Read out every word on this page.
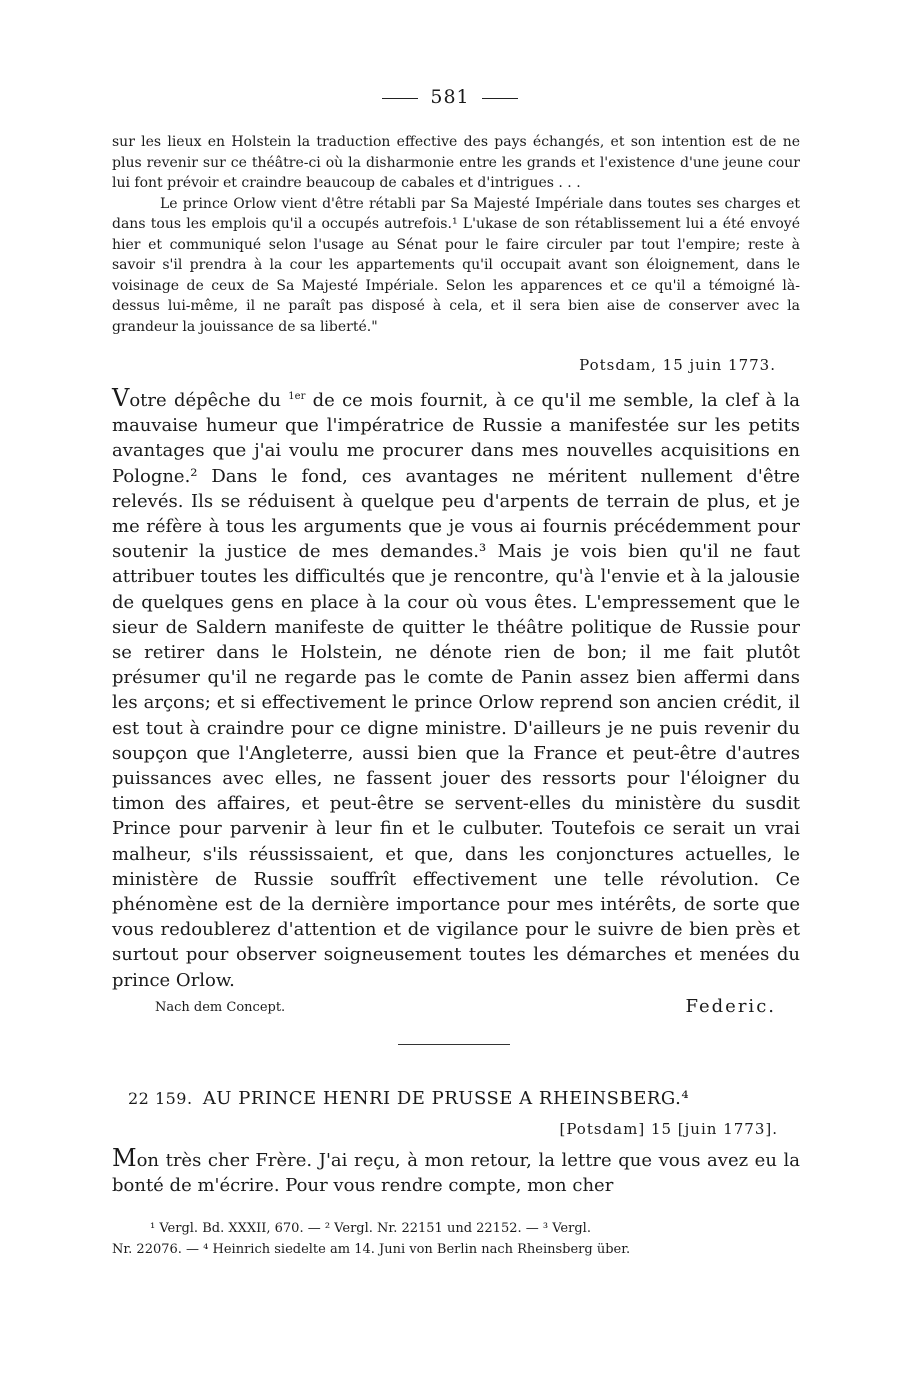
581

sur les lieux en Holstein la traduction effective des pays échangés, et son intention est de ne plus revenir sur ce théâtre-ci où la disharmonie entre les grands et l'existence d'une jeune cour lui font prévoir et craindre beaucoup de cabales et d'intrigues . . .

Le prince Orlow vient d'être rétabli par Sa Majesté Impériale dans toutes ses charges et dans tous les emplois qu'il a occupés autrefois.¹ L'ukase de son rétablissement lui a été envoyé hier et communiqué selon l'usage au Sénat pour le faire circuler par tout l'empire; reste à savoir s'il prendra à la cour les appartements qu'il occupait avant son éloignement, dans le voisinage de ceux de Sa Majesté Impériale. Selon les apparences et ce qu'il a témoigné là-dessus lui-même, il ne paraît pas disposé à cela, et il sera bien aise de conserver avec la grandeur la jouissance de sa liberté."

Potsdam, 15 juin 1773.

Votre dépêche du $^{1er}$ de ce mois fournit, à ce qu'il me semble, la clef à la mauvaise humeur que l'impératrice de Russie a manifestée sur les petits avantages que j'ai voulu me procurer dans mes nouvelles acquisitions en Pologne.² Dans le fond, ces avantages ne méritent nullement d'être relevés. Ils se réduisent à quelque peu d'arpents de terrain de plus, et je me réfère à tous les arguments que je vous ai fournis précédemment pour soutenir la justice de mes demandes.³ Mais je vois bien qu'il ne faut attribuer toutes les difficultés que je rencontre, qu'à l'envie et à la jalousie de quelques gens en place à la cour où vous êtes. L'empressement que le sieur de Saldern manifeste de quitter le théâtre politique de Russie pour se retirer dans le Holstein, ne dénote rien de bon; il me fait plutôt présumer qu'il ne regarde pas le comte de Panin assez bien affermi dans les arçons; et si effectivement le prince Orlow reprend son ancien crédit, il est tout à craindre pour ce digne ministre. D'ailleurs je ne puis revenir du soupçon que l'Angleterre, aussi bien que la France et peut-être d'autres puissances avec elles, ne fassent jouer des ressorts pour l'éloigner du timon des affaires, et peut-être se servent-elles du ministère du susdit Prince pour parvenir à leur fin et le culbuter. Toutefois ce serait un vrai malheur, s'ils réussissaient, et que, dans les conjonctures actuelles, le ministère de Russie souffrît effectivement une telle révolution. Ce phénomène est de la dernière importance pour mes intérêts, de sorte que vous redoublerez d'attention et de vigilance pour le suivre de bien près et surtout pour observer soigneusement toutes les démarches et menées du prince Orlow.

Nach dem Concept.	Federic.
22 159. AU PRINCE HENRI DE PRUSSE A RHEINSBERG.⁴
[Potsdam] 15 [juin 1773].

Mon très cher Frère. J'ai reçu, à mon retour, la lettre que vous avez eu la bonté de m'écrire. Pour vous rendre compte, mon cher

¹ Vergl. Bd. XXXII, 670. — ² Vergl. Nr. 22151 und 22152. — ³ Vergl.

Nr. 22076. — ⁴ Heinrich siedelte am 14. Juni von Berlin nach Rheinsberg über.
